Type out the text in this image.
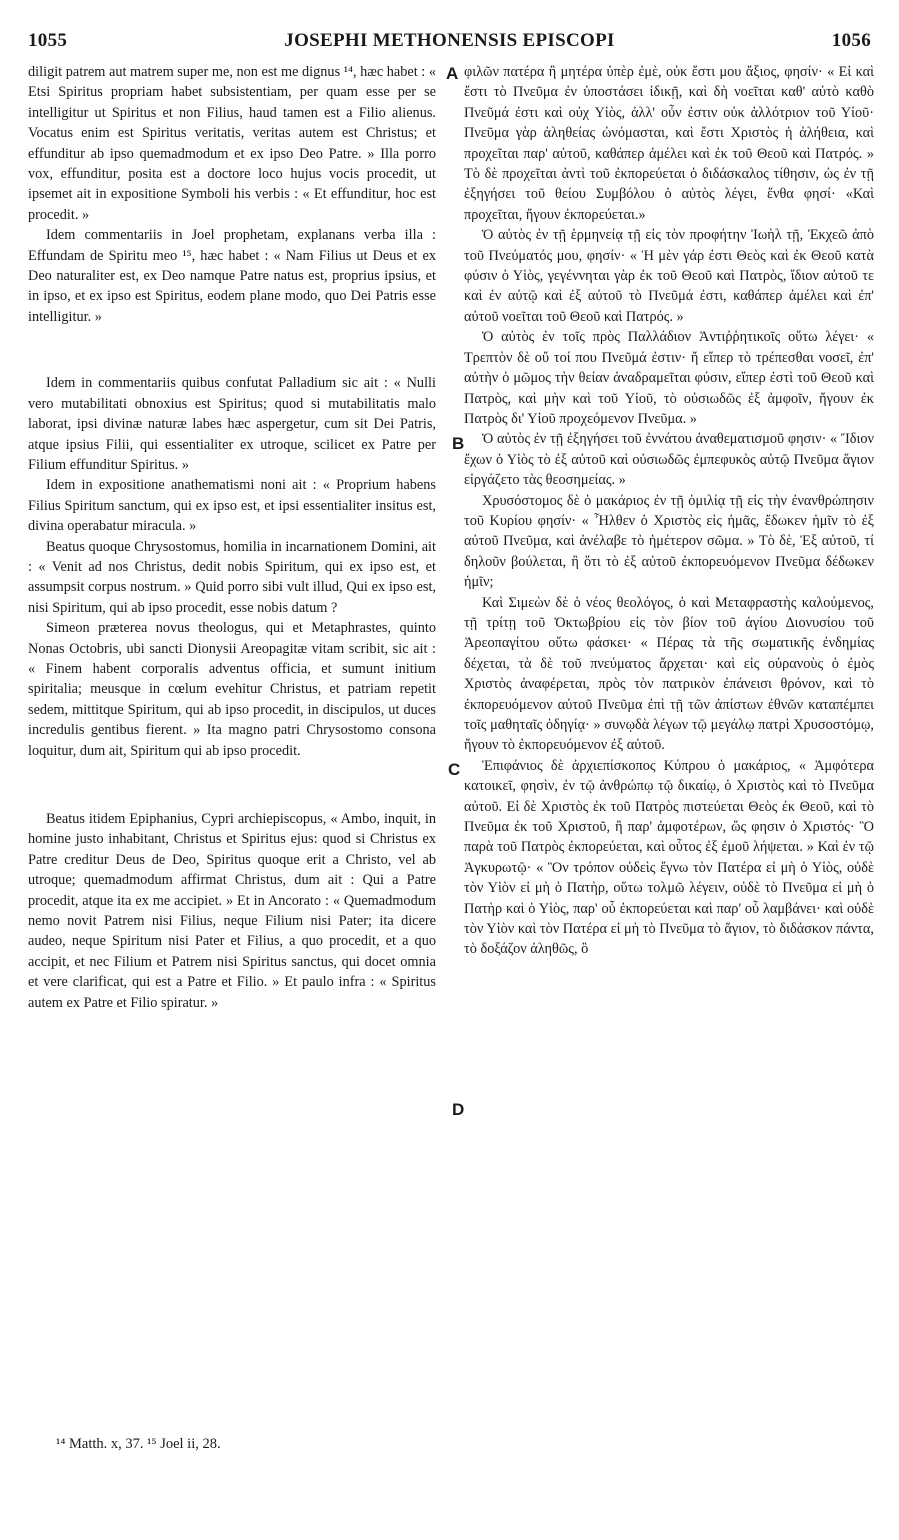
1055	JOSEPHI METHONENSIS EPISCOPI	1056
A
B
C
D

diligit patrem aut matrem super me, non est me dignus ¹⁴, hæc habet : « Etsi Spiritus propriam habet subsistentiam, per quam esse per se intelligitur ut Spiritus et non Filius, haud tamen est a Filio alienus. Vocatus enim est Spiritus veritatis, veritas autem est Christus; et effunditur ab ipso quemadmodum et ex ipso Deo Patre. » Illa porro vox, effunditur, posita est a doctore loco hujus vocis procedit, ut ipsemet ait in expositione Symboli his verbis : « Et effunditur, hoc est procedit. »

Idem commentariis in Joel prophetam, explanans verba illa : Effundam de Spiritu meo ¹⁵, hæc habet : « Nam Filius ut Deus et ex Deo naturaliter est, ex Deo namque Patre natus est, proprius ipsius, et in ipso, et ex ipso est Spiritus, eodem plane modo, quo Dei Patris esse intelligitur. »

Idem in commentariis quibus confutat Palladium sic ait : « Nulli vero mutabilitati obnoxius est Spiritus; quod si mutabilitatis malo laborat, ipsi divinæ naturæ labes hæc aspergetur, cum sit Dei Patris, atque ipsius Filii, qui essentialiter ex utroque, scilicet ex Patre per Filium effunditur Spiritus. »

Idem in expositione anathematismi noni ait : « Proprium habens Filius Spiritum sanctum, qui ex ipso est, et ipsi essentialiter insitus est, divina operabatur miracula. »

Beatus quoque Chrysostomus, homilia in incarnationem Domini, ait : « Venit ad nos Christus, dedit nobis Spiritum, qui ex ipso est, et assumpsit corpus nostrum. » Quid porro sibi vult illud, Qui ex ipso est, nisi Spiritum, qui ab ipso procedit, esse nobis datum ?

Simeon præterea novus theologus, qui et Metaphrastes, quinto Nonas Octobris, ubi sancti Dionysii Areopagitæ vitam scribit, sic ait : « Finem habent corporalis adventus officia, et sumunt initium spiritalia; meusque in cœlum evehitur Christus, et patriam repetit sedem, mittitque Spiritum, qui ab ipso procedit, in discipulos, ut duces incredulis gentibus fierent. » Ita magno patri Chrysostomo consona loquitur, dum ait, Spiritum qui ab ipso procedit.

Beatus itidem Epiphanius, Cypri archiepiscopus, « Ambo, inquit, in homine justo inhabitant, Christus et Spiritus ejus: quod si Christus ex Patre creditur Deus de Deo, Spiritus quoque erit a Christo, vel ab utroque; quemadmodum affirmat Christus, dum ait : Qui a Patre procedit, atque ita ex me accipiet. » Et in Ancorato : « Quemadmodum nemo novit Patrem nisi Filius, neque Filium nisi Pater; ita dicere audeo, neque Spiritum nisi Pater et Filius, a quo procedit, et a quo accipit, et nec Filium et Patrem nisi Spiritus sanctus, qui docet omnia et vere clarificat, qui est a Patre et Filio. » Et paulo infra : « Spiritus autem ex Patre et Filio spiratur. »

φιλῶν πατέρα ἢ μητέρα ὑπὲρ ἐμὲ, οὐκ ἔστι μου ἄξιος, φησίν· « Εἰ καὶ ἔστι τὸ Πνεῦμα ἐν ὑποστάσει ἰδικῇ, καὶ δὴ νοεῖται καθ' αὐτὸ καθὸ Πνεῦμά ἐστι καὶ οὐχ Υἱὸς, ἀλλ' οὖν ἐστιν οὐκ ἀλλότριον τοῦ Υἱοῦ· Πνεῦμα γὰρ ἀληθείας ὠνόμασται, καὶ ἔστι Χριστὸς ἡ ἀλήθεια, καὶ προχεῖται παρ' αὐτοῦ, καθάπερ ἀμέλει καὶ ἐκ τοῦ Θεοῦ καὶ Πατρός. » Τὸ δὲ προχεῖται ἀντὶ τοῦ ἐκπορεύεται ὁ διδάσκαλος τίθησιν, ὡς ἐν τῇ ἐξηγήσει τοῦ θείου Συμβόλου ὁ αὐτὸς λέγει, ἔνθα φησί· «Καὶ προχεῖται, ἤγουν ἐκπορεύεται.»

Ὁ αὐτὸς ἐν τῇ ἑρμηνείᾳ τῇ εἰς τὸν προφήτην Ἰωὴλ τῇ, Ἐκχεῶ ἀπὸ τοῦ Πνεύματός μου, φησίν· « Ἡ μὲν γάρ ἐστι Θεὸς καὶ ἐκ Θεοῦ κατὰ φύσιν ὁ Υἱὸς, γεγέννηται γὰρ ἐκ τοῦ Θεοῦ καὶ Πατρὸς, ἴδιον αὐτοῦ τε καὶ ἐν αὐτῷ καὶ ἐξ αὐτοῦ τὸ Πνεῦμά ἐστι, καθάπερ ἀμέλει καὶ ἐπ' αὐτοῦ νοεῖται τοῦ Θεοῦ καὶ Πατρός. »

Ὁ αὐτὸς ἐν τοῖς πρὸς Παλλάδιον Ἀντιῤῥητικοῖς οὕτω λέγει· « Τρεπτὸν δὲ οὔ τοί που Πνεῦμά ἐστιν· ἤ εἴπερ τὸ τρέπεσθαι νοσεῖ, ἐπ' αὐτὴν ὁ μῶμος τὴν θείαν ἀναδραμεῖται φύσιν, εἴπερ ἐστὶ τοῦ Θεοῦ καὶ Πατρὸς, καὶ μὴν καὶ τοῦ Υἱοῦ, τὸ οὐσιωδῶς ἐξ ἀμφοῖν, ἤγουν ἐκ Πατρὸς δι' Υἱοῦ προχεόμενον Πνεῦμα. »

Ὁ αὐτὸς ἐν τῇ ἐξηγήσει τοῦ ἐννάτου ἀναθεματισμοῦ φησιν· « Ἴδιον ἔχων ὁ Υἱὸς τὸ ἐξ αὐτοῦ καὶ οὐσιωδῶς ἐμπεφυκὸς αὐτῷ Πνεῦμα ἅγιον εἰργάζετο τὰς θεοσημείας. »

Χρυσόστομος δὲ ὁ μακάριος ἐν τῇ ὁμιλίᾳ τῇ εἰς τὴν ἐνανθρώπησιν τοῦ Κυρίου φησίν· « Ἦλθεν ὁ Χριστὸς εἰς ἡμᾶς, ἔδωκεν ἡμῖν τὸ ἐξ αὐτοῦ Πνεῦμα, καὶ ἀνέλαβε τὸ ἡμέτερον σῶμα. » Τὸ δὲ, Ἐξ αὐτοῦ, τί δηλοῦν βούλεται, ἢ ὅτι τὸ ἐξ αὐτοῦ ἐκπορευόμενον Πνεῦμα δέδωκεν ἡμῖν;

Καὶ Σιμεὼν δὲ ὁ νέος θεολόγος, ὁ καὶ Μεταφραστὴς καλούμενος, τῇ τρίτῃ τοῦ Ὀκτωβρίου εἰς τὸν βίον τοῦ ἁγίου Διονυσίου τοῦ Ἀρεοπαγίτου οὕτω φάσκει· « Πέρας τὰ τῆς σωματικῆς ἐνδημίας δέχεται, τὰ δὲ τοῦ πνεύματος ἄρχεται· καὶ εἰς οὐρανοὺς ὁ ἐμὸς Χριστὸς ἀναφέρεται, πρὸς τὸν πατρικὸν ἐπάνεισι θρόνον, καὶ τὸ ἐκπορευόμενον αὐτοῦ Πνεῦμα ἐπὶ τῇ τῶν ἀπίστων ἐθνῶν καταπέμπει τοῖς μαθηταῖς ὁδηγίᾳ· » συνῳδὰ λέγων τῷ μεγάλῳ πατρὶ Χρυσοστόμῳ, ἤγουν τὸ ἐκπορευόμενον ἐξ αὐτοῦ.

Ἐπιφάνιος δὲ ἀρχιεπίσκοπος Κύπρου ὁ μακάριος, « Ἀμφότερα κατοικεῖ, φησὶν, ἐν τῷ ἀνθρώπῳ τῷ δικαίῳ, ὁ Χριστὸς καὶ τὸ Πνεῦμα αὐτοῦ. Εἰ δὲ Χριστὸς ἐκ τοῦ Πατρὸς πιστεύεται Θεὸς ἐκ Θεοῦ, καὶ τὸ Πνεῦμα ἐκ τοῦ Χριστοῦ, ἢ παρ' ἀμφοτέρων, ὥς φησιν ὁ Χριστός· Ὃ παρὰ τοῦ Πατρὸς ἐκπορεύεται, καὶ οὗτος ἐξ ἐμοῦ λήψεται. » Καὶ ἐν τῷ Ἀγκυρωτῷ· « Ὃν τρόπον οὐδεὶς ἔγνω τὸν Πατέρα εἰ μὴ ὁ Υἱὸς, οὐδὲ τὸν Υἱὸν εἰ μὴ ὁ Πατὴρ, οὕτω τολμῶ λέγειν, οὐδὲ τὸ Πνεῦμα εἰ μὴ ὁ Πατὴρ καὶ ὁ Υἱὸς, παρ' οὗ ἐκπορεύεται καὶ παρ' οὗ λαμβάνει· καὶ οὐδὲ τὸν Υἱὸν καὶ τὸν Πατέρα εἰ μὴ τὸ Πνεῦμα τὸ ἅγιον, τὸ διδάσκον πάντα, τὸ δοξάζον ἀληθῶς, ὃ

¹⁴ Matth. x, 37. ¹⁵ Joel ii, 28.
